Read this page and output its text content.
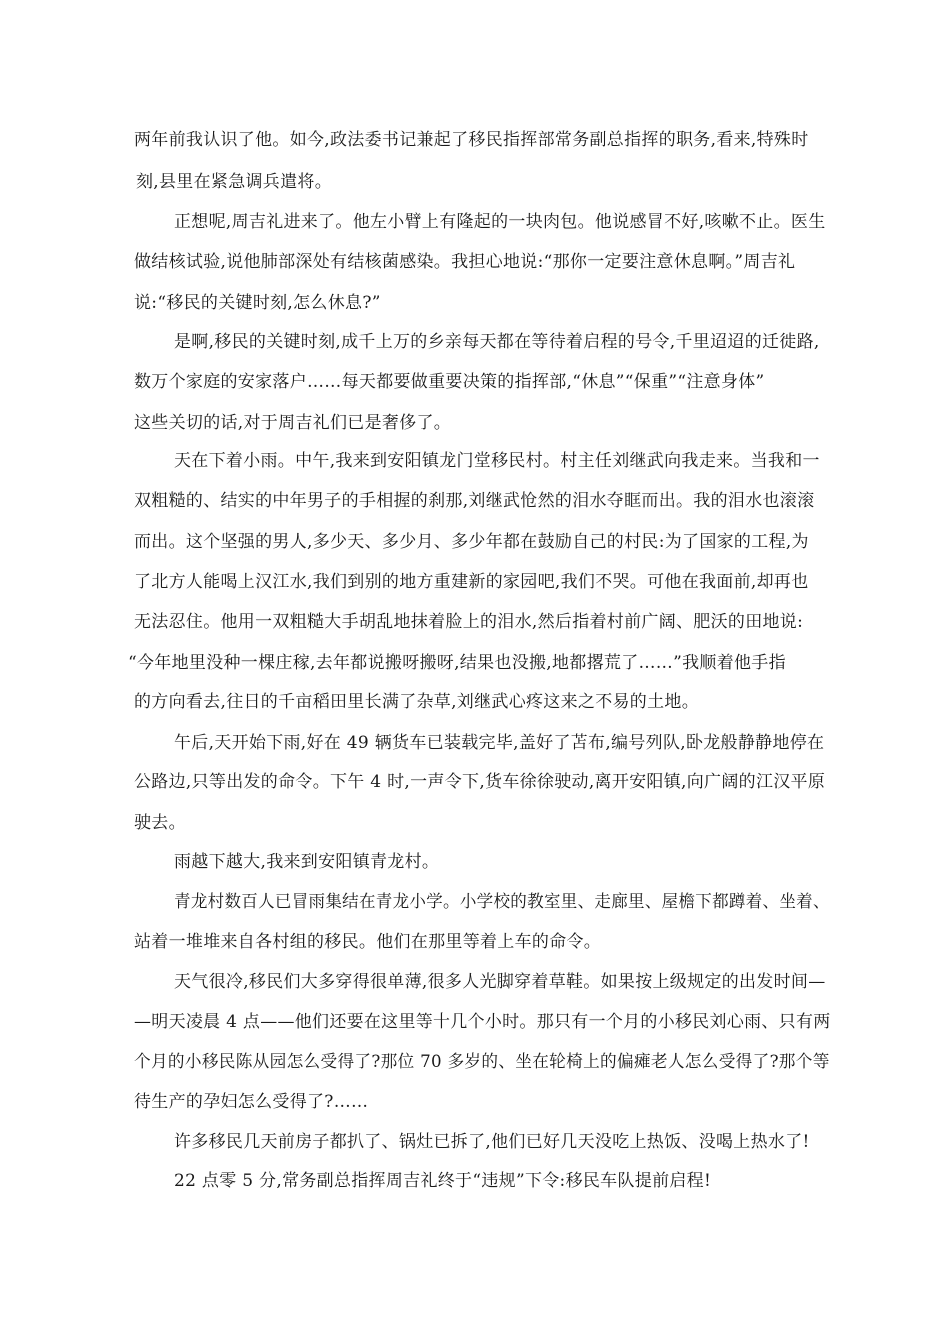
两年前我认识了他。如今,政法委书记兼起了移民指挥部常务副总指挥的职务,看来,特殊时

刻,县里在紧急调兵遣将。

正想呢,周吉礼进来了。他左小臂上有隆起的一块肉包。他说感冒不好,咳嗽不止。医生

做结核试验,说他肺部深处有结核菌感染。我担心地说:“那你一定要注意休息啊。”周吉礼

说:“移民的关键时刻,怎么休息?”

是啊,移民的关键时刻,成千上万的乡亲每天都在等待着启程的号令,千里迢迢的迁徙路,

数万个家庭的安家落户……每天都要做重要决策的指挥部,“休息”“保重”“注意身体”

这些关切的话,对于周吉礼们已是奢侈了。

天在下着小雨。中午,我来到安阳镇龙门堂移民村。村主任刘继武向我走来。当我和一

双粗糙的、结实的中年男子的手相握的刹那,刘继武怆然的泪水夺眶而出。我的泪水也滚滚

而出。这个坚强的男人,多少天、多少月、多少年都在鼓励自己的村民:为了国家的工程,为

了北方人能喝上汉江水,我们到别的地方重建新的家园吧,我们不哭。可他在我面前,却再也

无法忍住。他用一双粗糙大手胡乱地抹着脸上的泪水,然后指着村前广阔、肥沃的田地说:

“今年地里没种一棵庄稼,去年都说搬呀搬呀,结果也没搬,地都撂荒了……”我顺着他手指

的方向看去,往日的千亩稻田里长满了杂草,刘继武心疼这来之不易的土地。

午后,天开始下雨,好在 49 辆货车已装载完毕,盖好了苫布,编号列队,卧龙般静静地停在

公路边,只等出发的命令。下午 4 时,一声令下,货车徐徐驶动,离开安阳镇,向广阔的江汉平原

驶去。

雨越下越大,我来到安阳镇青龙村。

青龙村数百人已冒雨集结在青龙小学。小学校的教室里、走廊里、屋檐下都蹲着、坐着、

站着一堆堆来自各村组的移民。他们在那里等着上车的命令。

天气很冷,移民们大多穿得很单薄,很多人光脚穿着草鞋。如果按上级规定的出发时间—

—明天凌晨 4 点——他们还要在这里等十几个小时。那只有一个月的小移民刘心雨、只有两

个月的小移民陈从园怎么受得了?那位 70 多岁的、坐在轮椅上的偏瘫老人怎么受得了?那个等

待生产的孕妇怎么受得了?……

许多移民几天前房子都扒了、锅灶已拆了,他们已好几天没吃上热饭、没喝上热水了!

22 点零 5 分,常务副总指挥周吉礼终于“违规”下令:移民车队提前启程!
